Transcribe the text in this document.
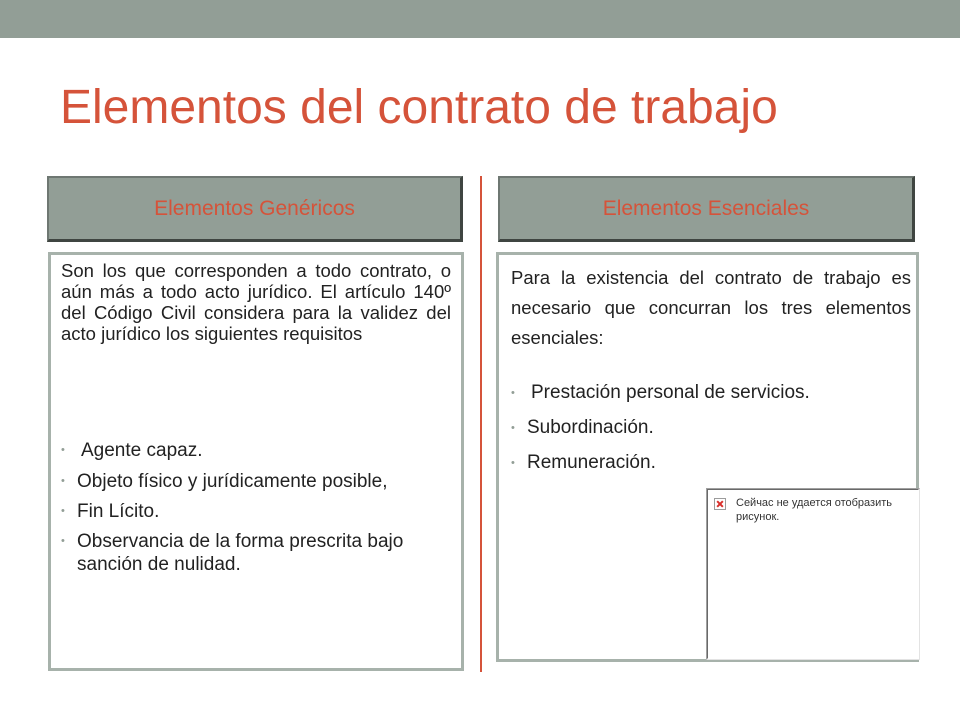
Elementos del contrato de trabajo
Elementos Genéricos	Elementos Esenciales

Son los que corresponden a todo contrato, o aún más a todo acto jurídico. El artículo 140º del Código Civil considera para la validez del acto jurídico los siguientes requisitos

• Agente capaz.
• Objeto físico y jurídicamente posible,
• Fin Lícito.
• Observancia de la forma prescrita bajo sanción de nulidad.

Para la existencia del contrato de trabajo es necesario que concurran los tres elementos esenciales:

• Prestación personal de servicios.
• Subordinación.
• Remuneración.
Сейчас не удается отобразить рисунок.
